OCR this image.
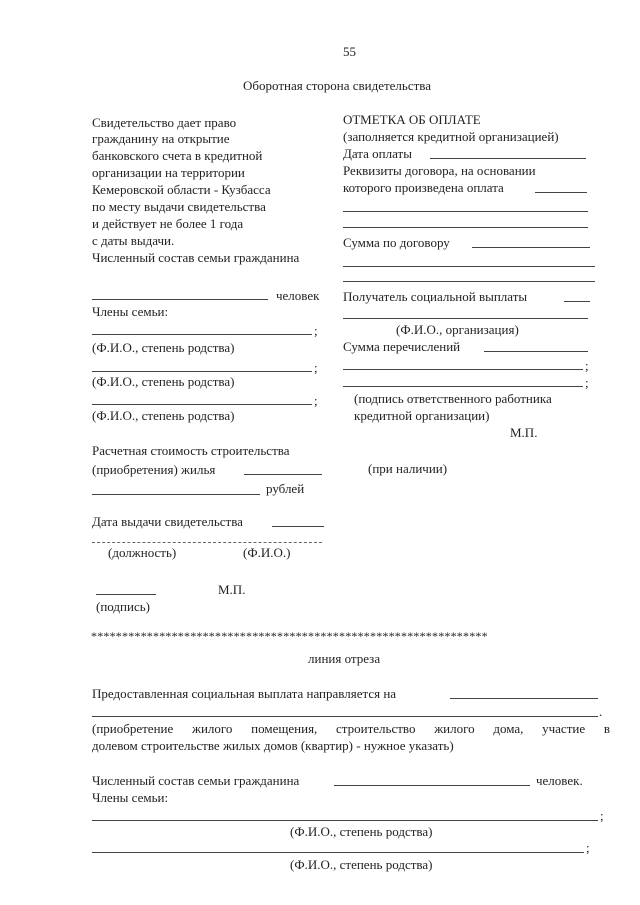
55
Оборотная сторона свидетельства
Свидетельство дает право
гражданину на открытие
банковского счета в кредитной
организации на территории
Кемеровской области - Кузбасса
по месту выдачи свидетельства
и действует не более 1 года
с даты выдачи.
Численный состав семьи гражданина
человек
Члены семьи:
;
(Ф.И.О., степень родства)
;
(Ф.И.О., степень родства)
;
(Ф.И.О., степень родства)
Расчетная стоимость строительства
(приобретения) жилья
рублей
Дата выдачи свидетельства
(должность)	(Ф.И.О.)
М.П.
(подпись)
ОТМЕТКА ОБ ОПЛАТЕ
(заполняется кредитной организацией)
Дата оплаты
Реквизиты договора, на основании
которого произведена оплата
Сумма по договору
Получатель социальной выплаты
(Ф.И.О., организация)
Сумма перечислений
;
;
(подпись ответственного работника
кредитной организации)
М.П.
(при наличии)
****************************************************************
линия отреза
Предоставленная социальная выплата направляется на
.
(приобретение жилого помещения, строительство жилого дома, участие в
долевом строительстве жилых домов (квартир) - нужное указать)
Численный состав семьи гражданина	человек.
Члены семьи:
;
(Ф.И.О., степень родства)
;
(Ф.И.О., степень родства)
